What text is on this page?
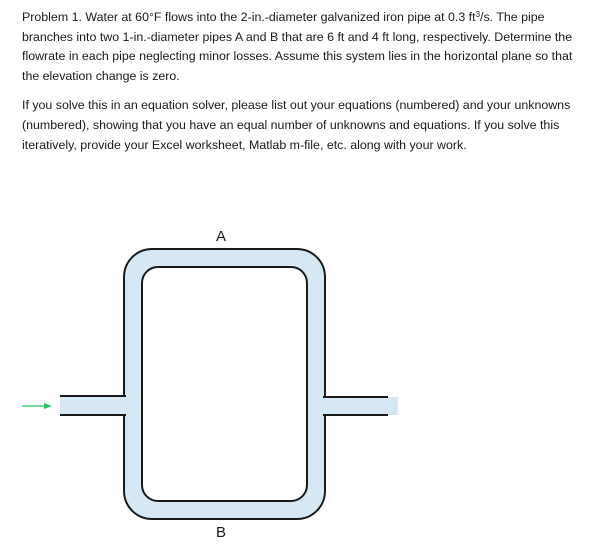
Problem 1. Water at 60°F flows into the 2-in.-diameter galvanized iron pipe at 0.3 $ft^3/s$. The pipe branches into two 1-in.-diameter pipes A and B that are 6 ft and 4 ft long, respectively. Determine the flowrate in each pipe neglecting minor losses. Assume this system lies in the horizontal plane so that the elevation change is zero.

If you solve this in an equation solver, please list out your equations (numbered) and your unknowns (numbered), showing that you have an equal number of unknowns and equations. If you solve this iteratively, provide your Excel worksheet, Matlab m-file, etc. along with your work.

A
B
